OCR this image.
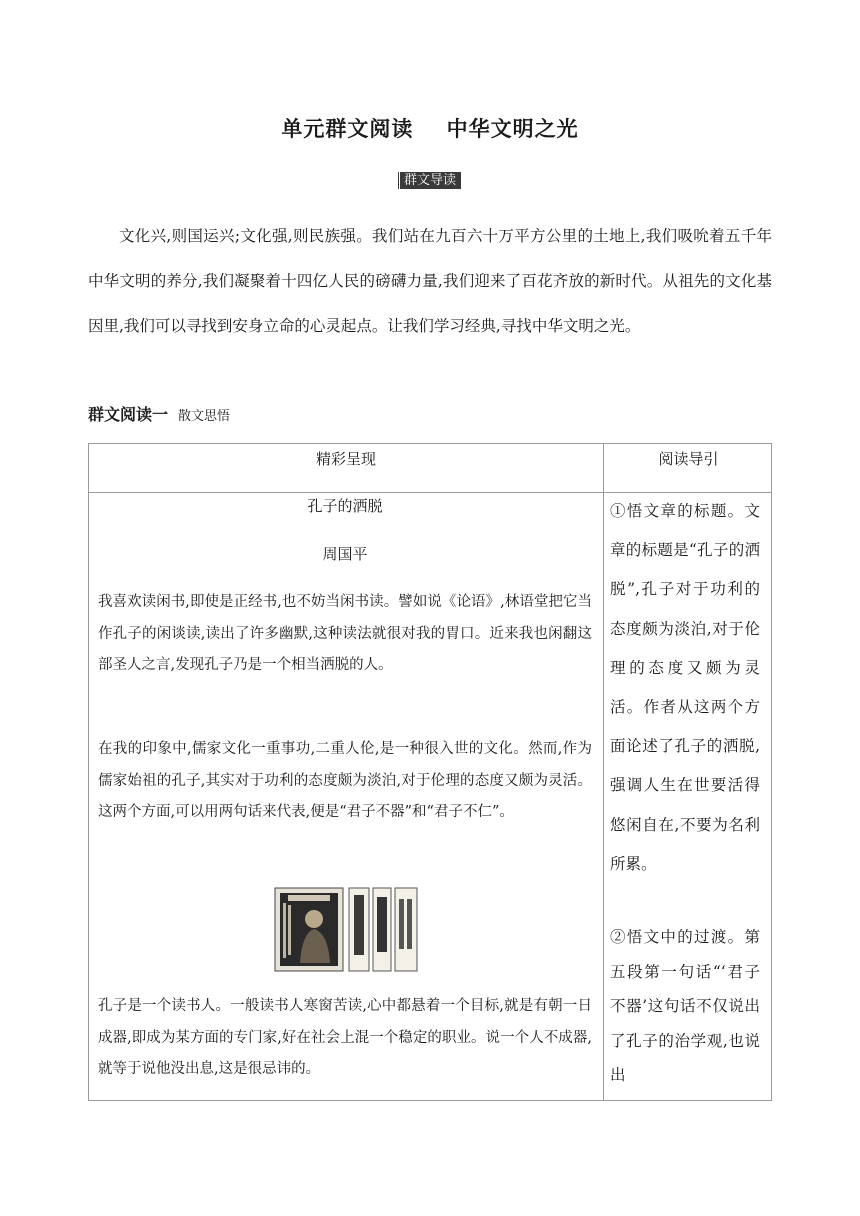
单元群文阅读    中华文明之光
群文导读

文化兴,则国运兴;文化强,则民族强。我们站在九百六十万平方公里的土地上,我们吸吮着五千年中华文明的养分,我们凝聚着十四亿人民的磅礴力量,我们迎来了百花齐放的新时代。从祖先的文化基因里,我们可以寻找到安身立命的心灵起点。让我们学习经典,寻找中华文明之光。

群文阅读一 散文思悟
精彩呈现	阅读导引
孔子的洒脱
周国平

我喜欢读闲书,即使是正经书,也不妨当闲书读。譬如说《论语》,林语堂把它当作孔子的闲谈读,读出了许多幽默,这种读法就很对我的胃口。近来我也闲翻这部圣人之言,发现孔子乃是一个相当洒脱的人。

在我的印象中,儒家文化一重事功,二重人伦,是一种很入世的文化。然而,作为儒家始祖的孔子,其实对于功利的态度颇为淡泊,对于伦理的态度又颇为灵活。这两个方面,可以用两句话来代表,便是“君子不器”和“君子不仁”。

孔子是一个读书人。一般读书人寒窗苦读,心中都悬着一个目标,就是有朝一日成器,即成为某方面的专门家,好在社会上混一个稳定的职业。说一个人不成器,就等于说他没出息,这是很忌讳的。

①悟文章的标题。文章的标题是“孔子的洒脱”,孔子对于功利的态度颇为淡泊,对于伦理的态度又颇为灵活。作者从这两个方面论述了孔子的洒脱,强调人生在世要活得悠闲自在,不要为名利所累。

②悟文中的过渡。第五段第一句话“‘君子不器’这句话不仅说出了孔子的治学观,也说出
